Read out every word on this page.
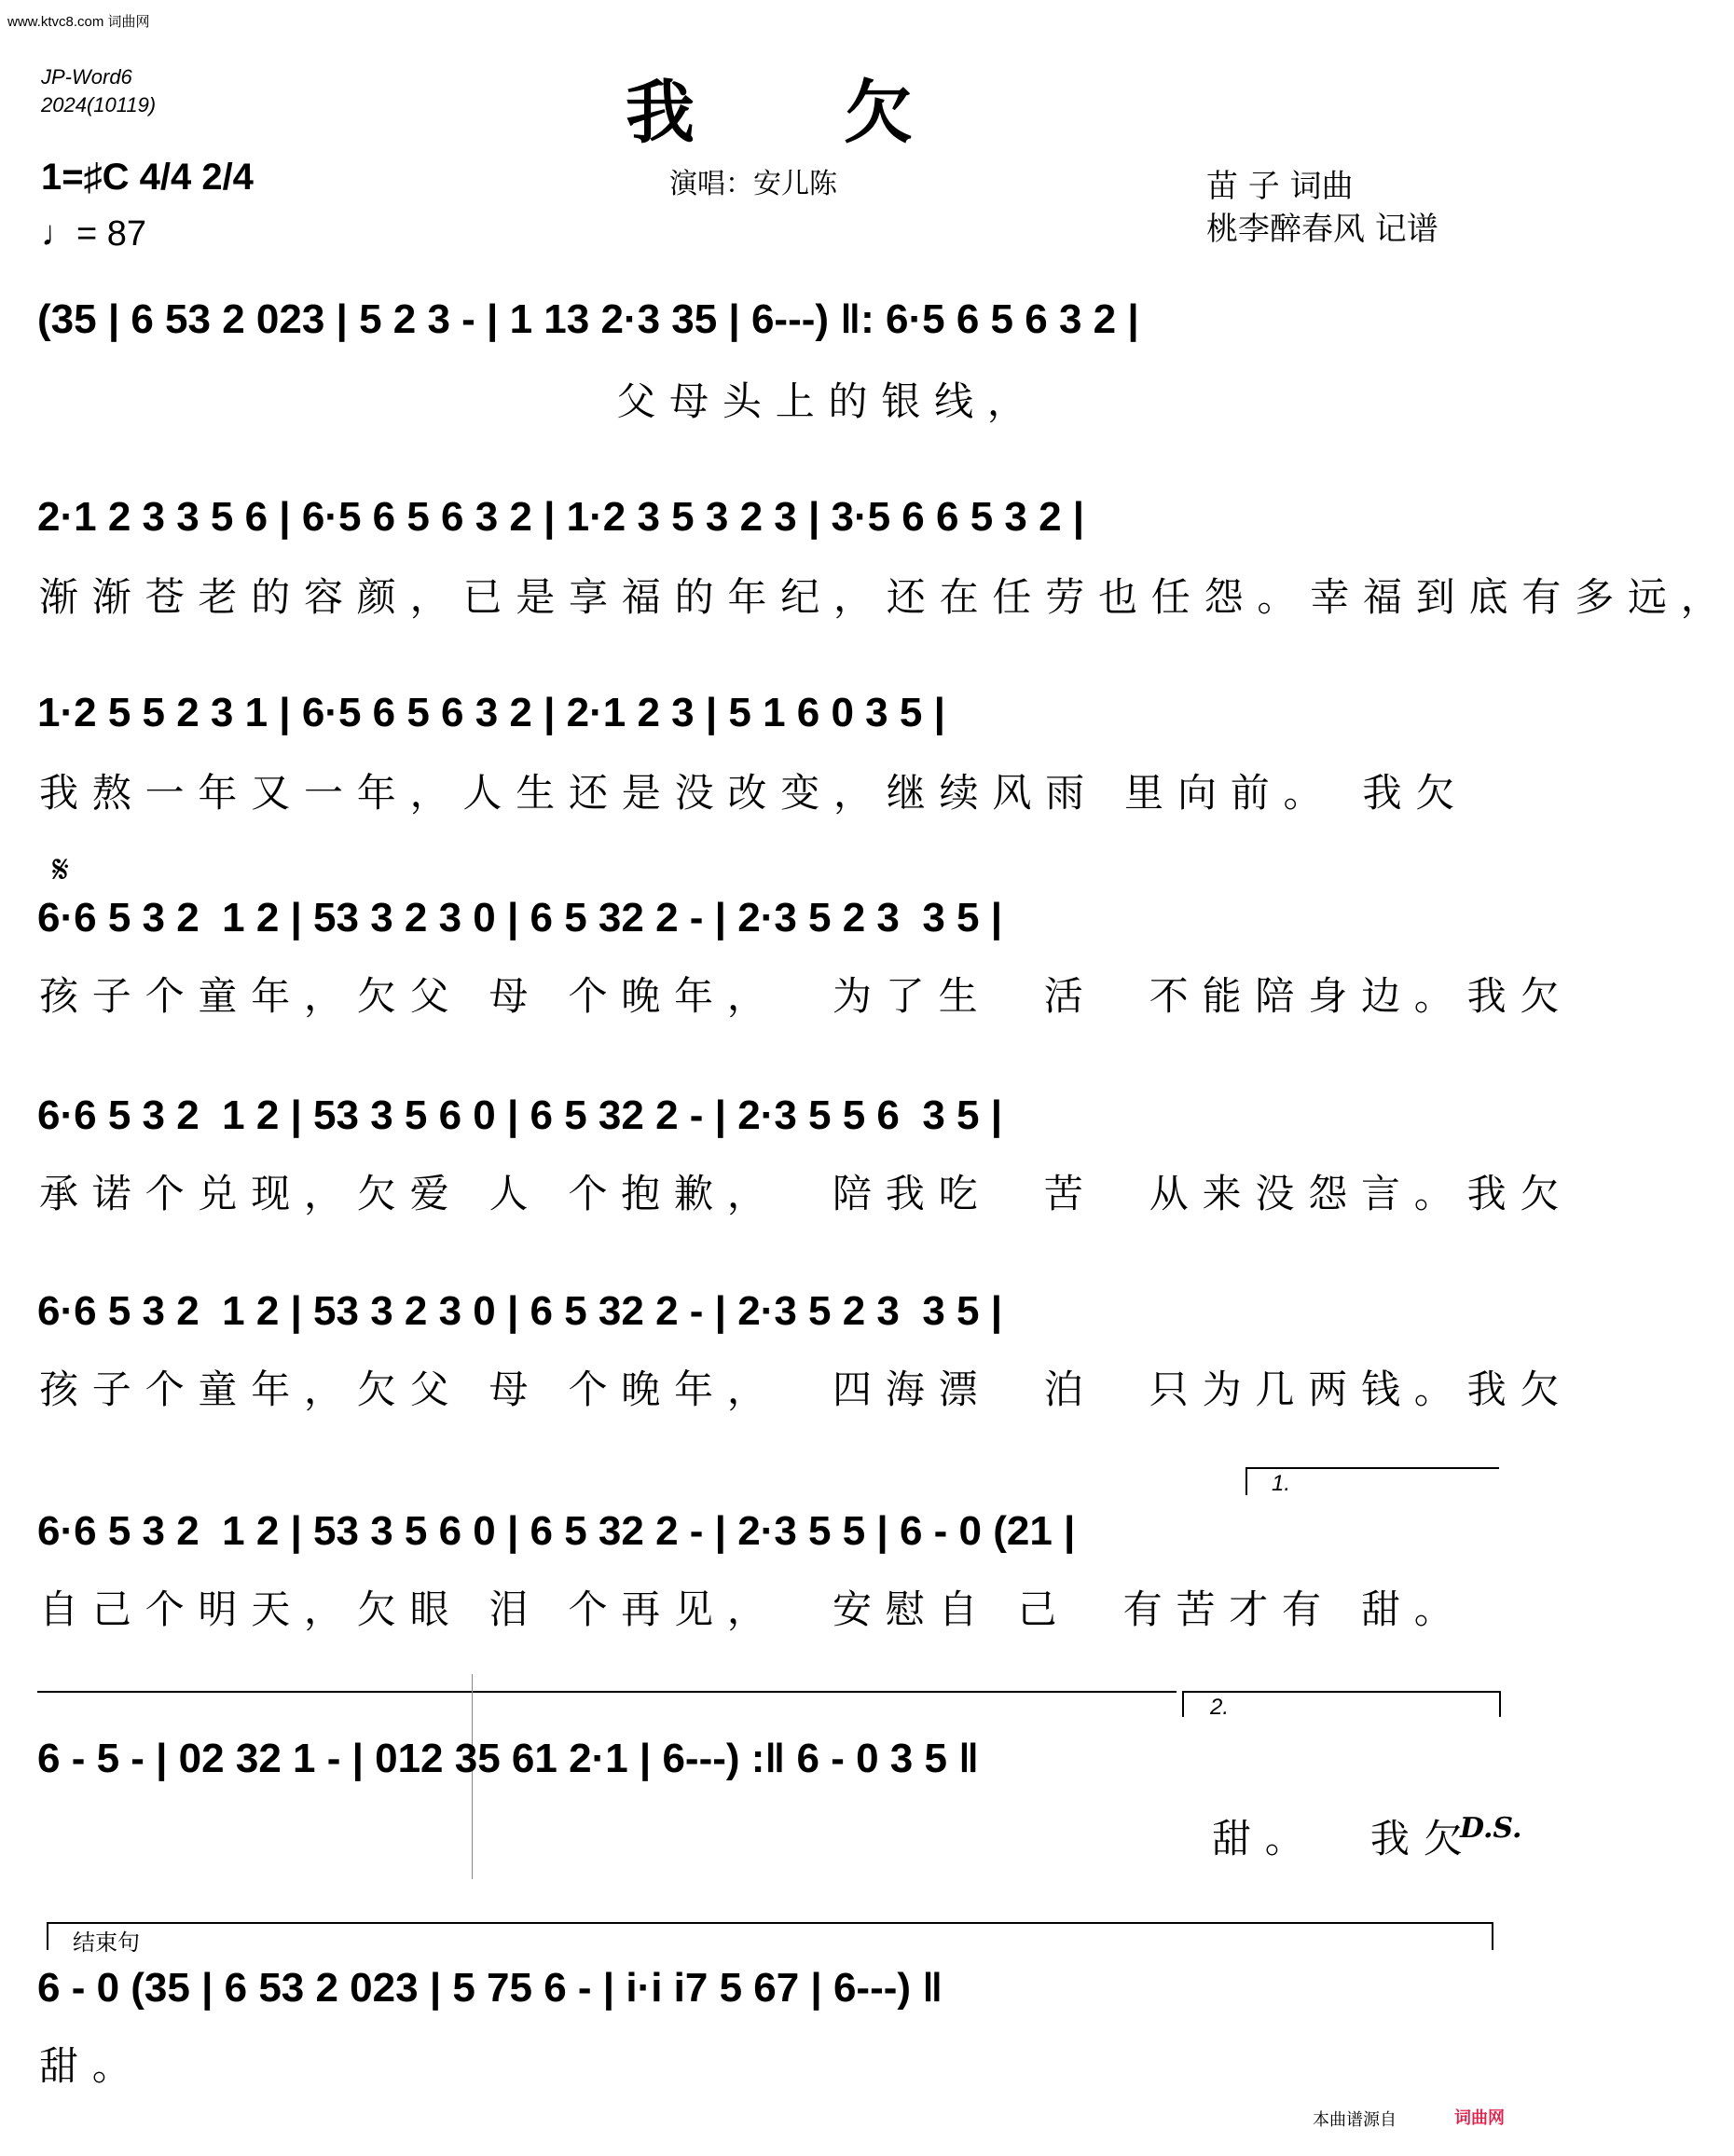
www.ktvc8.com 词曲网
JP-Word6
2024(10119)	我欠
1=♯C 4/4 2/4
♩= 87
演唱：安儿陈	苗 子 词曲
桃李醉春风 记谱
(35 | 6 53 2 023 | 5 2 3 - | 1 13 2·3 35 | 6---) ‖: 6·5 6 5 6 3 2 |
父母头上的银线，
2·1 2 3 3 5 6 | 6·5 6 5 6 3 2 | 1·2 3 5 3 2 3 | 3·5 6 6 5 3 2 |
渐渐苍老的容颜，已是享福的年纪，还在任劳也任怨。幸福到底有多远，
1·2 5 5 2 3 1 | 6·5 6 5 6 3 2 | 2·1 2 3 | 5 1 6 0 3 5 |
我熬一年又一年，人生还是没改变，继续风雨 里向前。 我欠
𝄋
6·6 5 3 2  1 2 | 53 3 2 3 0 | 6 5 32 2 - | 2·3 5 2 3  3 5 |
孩子个童年，欠父 母 个晚年，  为了生  活  不能陪身边。我欠
6·6 5 3 2  1 2 | 53 3 5 6 0 | 6 5 32 2 - | 2·3 5 5 6  3 5 |
承诺个兑现，欠爱 人 个抱歉，  陪我吃  苦  从来没怨言。我欠
6·6 5 3 2  1 2 | 53 3 2 3 0 | 6 5 32 2 - | 2·3 5 2 3  3 5 |
孩子个童年，欠父 母 个晚年，  四海漂  泊  只为几两钱。我欠
1.
6·6 5 3 2  1 2 | 53 3 5 6 0 | 6 5 32 2 - | 2·3 5 5 | 6 - 0 (21 |
自己个明天，欠眼 泪 个再见，  安慰自 己  有苦才有 甜。
2.
6 - 5 - | 02 32 1 - | 012 35 61 2·1 | 6---) :‖ 6 - 0 3 5 ‖
甜。  我欠
D.S.
结束句
6 - 0 (35 | 6 53 2 023 | 5 75 6 - | i·i i7 5 67 | 6---) ‖
甜。
本曲谱源自	词曲网
